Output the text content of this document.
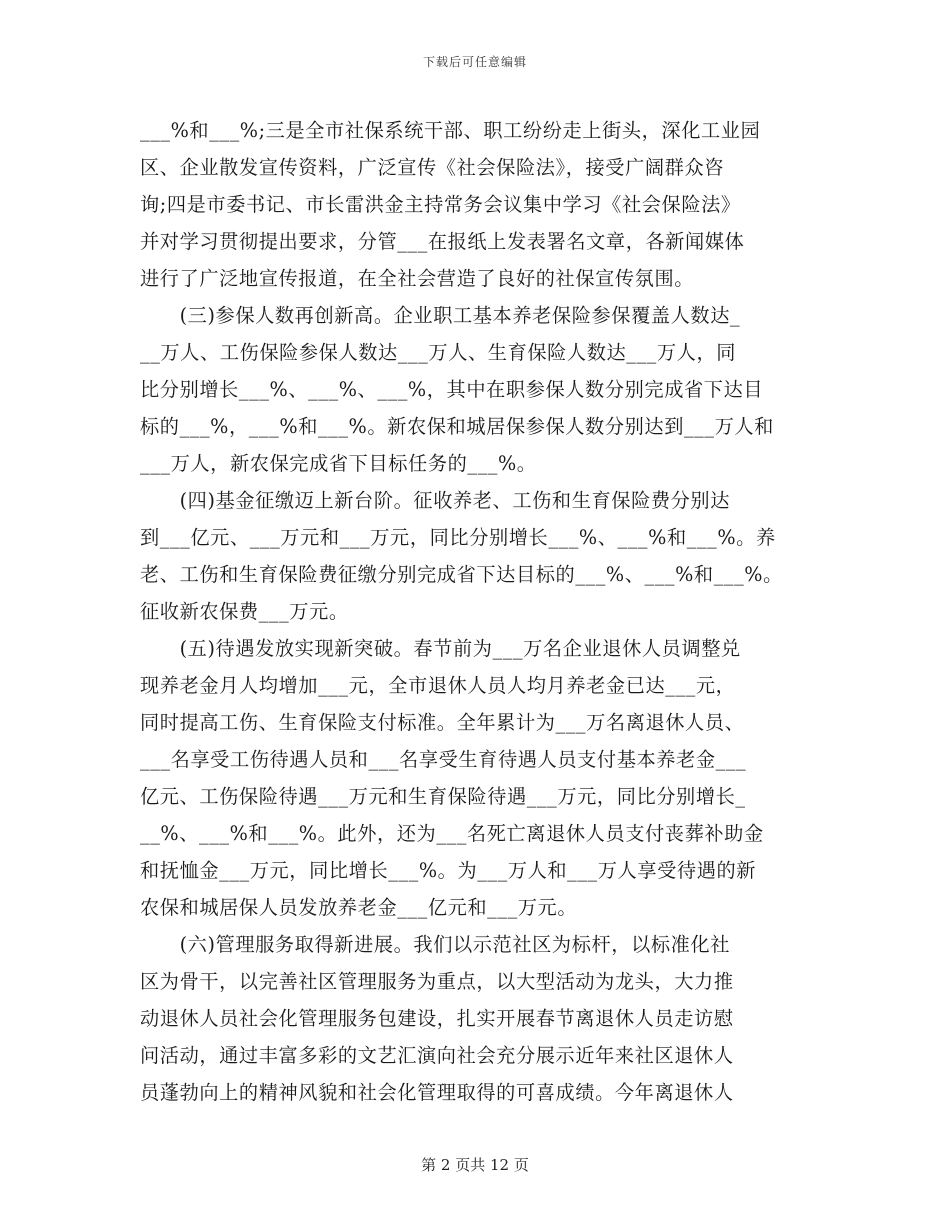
下载后可任意编辑
___%和___%;三是全市社保系统干部、职工纷纷走上街头，深化工业园
区、企业散发宣传资料，广泛宣传《社会保险法》，接受广阔群众咨
询;四是市委书记、市长雷洪金主持常务会议集中学习《社会保险法》
并对学习贯彻提出要求，分管___在报纸上发表署名文章，各新闻媒体
进行了广泛地宣传报道，在全社会营造了良好的社保宣传氛围。
　　(三)参保人数再创新高。企业职工基本养老保险参保覆盖人数达_
__万人、工伤保险参保人数达___万人、生育保险人数达___万人，同
比分别增长___%、___%、___%，其中在职参保人数分别完成省下达目
标的___%，___%和___%。新农保和城居保参保人数分别达到___万人和
___万人，新农保完成省下目标任务的___%。
　　(四)基金征缴迈上新台阶。征收养老、工伤和生育保险费分别达
到___亿元、___万元和___万元，同比分别增长___%、___%和___%。养
老、工伤和生育保险费征缴分别完成省下达目标的___%、___%和___%。
征收新农保费___万元。
　　(五)待遇发放实现新突破。春节前为___万名企业退休人员调整兑
现养老金月人均增加___元，全市退休人员人均月养老金已达___元，
同时提高工伤、生育保险支付标准。全年累计为___万名离退休人员、
___名享受工伤待遇人员和___名享受生育待遇人员支付基本养老金___
亿元、工伤保险待遇___万元和生育保险待遇___万元，同比分别增长_
__%、___%和___%。此外，还为___名死亡离退休人员支付丧葬补助金
和抚恤金___万元，同比增长___%。为___万人和___万人享受待遇的新
农保和城居保人员发放养老金___亿元和___万元。
　　(六)管理服务取得新进展。我们以示范社区为标杆，以标准化社
区为骨干，以完善社区管理服务为重点，以大型活动为龙头，大力推
动退休人员社会化管理服务包建设，扎实开展春节离退休人员走访慰
问活动，通过丰富多彩的文艺汇演向社会充分展示近年来社区退休人
员蓬勃向上的精神风貌和社会化管理取得的可喜成绩。今年离退休人
第 2 页共 12 页
